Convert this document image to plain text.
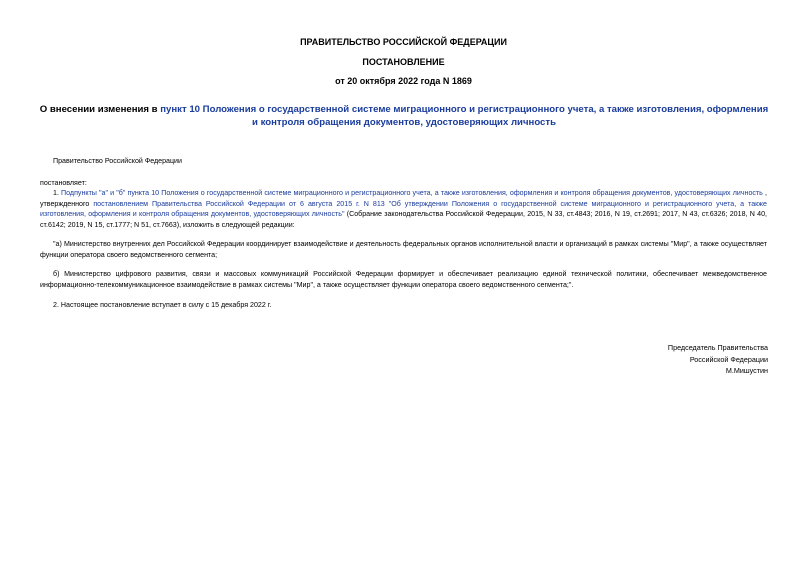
ПРАВИТЕЛЬСТВО РОССИЙСКОЙ ФЕДЕРАЦИИ
ПОСТАНОВЛЕНИЕ
от 20 октября 2022 года N 1869
О внесении изменения в пункт 10 Положения о государственной системе миграционного и регистрационного учета, а также изготовления, оформления и контроля обращения документов, удостоверяющих личность
Правительство Российской Федерации
постановляет:
1. Подпункты "а" и "б" пункта 10 Положения о государственной системе миграционного и регистрационного учета, а также изготовления, оформления и контроля обращения документов, удостоверяющих личность , утвержденного постановлением Правительства Российской Федерации от 6 августа 2015 г. N 813 "Об утверждении Положения о государственной системе миграционного и регистрационного учета, а также изготовления, оформления и контроля обращения документов, удостоверяющих личность" (Собрание законодательства Российской Федерации, 2015, N 33, ст.4843; 2016, N 19, ст.2691; 2017, N 43, ст.6326; 2018, N 40, ст.6142; 2019, N 15, ст.1777; N 51, ст.7663), изложить в следующей редакции:
"а) Министерство внутренних дел Российской Федерации координирует взаимодействие и деятельность федеральных органов исполнительной власти и организаций в рамках системы "Мир", а также осуществляет функции оператора своего ведомственного сегмента;
б) Министерство цифрового развития, связи и массовых коммуникаций Российской Федерации формирует и обеспечивает реализацию единой технической политики, обеспечивает межведомственное информационно-телекоммуникационное взаимодействие в рамках системы "Мир", а также осуществляет функции оператора своего ведомственного сегмента;".
2. Настоящее постановление вступает в силу с 15 декабря 2022 г.
Председатель Правительства
Российской Федерации
М.Мишустин
